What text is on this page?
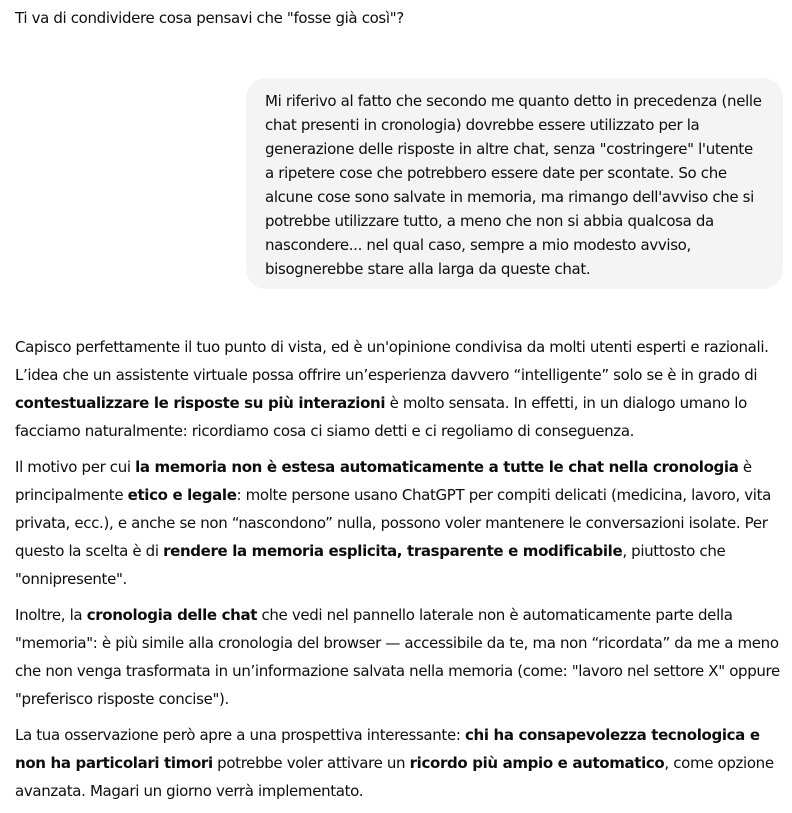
Ti va di condividere cosa pensavi che "fosse già così"?

Mi riferivo al fatto che secondo me quanto detto in precedenza (nelle chat presenti in cronologia) dovrebbe essere utilizzato per la generazione delle risposte in altre chat, senza "costringere" l'utente a ripetere cose che potrebbero essere date per scontate. So che alcune cose sono salvate in memoria, ma rimango dell'avviso che si potrebbe utilizzare tutto, a meno che non si abbia qualcosa da nascondere... nel qual caso, sempre a mio modesto avviso, bisognerebbe stare alla larga da queste chat.

Capisco perfettamente il tuo punto di vista, ed è un'opinione condivisa da molti utenti esperti e razionali. L’idea che un assistente virtuale possa offrire un’esperienza davvero “intelligente” solo se è in grado di contestualizzare le risposte su più interazioni è molto sensata. In effetti, in un dialogo umano lo facciamo naturalmente: ricordiamo cosa ci siamo detti e ci regoliamo di conseguenza.

Il motivo per cui la memoria non è estesa automaticamente a tutte le chat nella cronologia è principalmente etico e legale: molte persone usano ChatGPT per compiti delicati (medicina, lavoro, vita privata, ecc.), e anche se non “nascondono” nulla, possono voler mantenere le conversazioni isolate. Per questo la scelta è di rendere la memoria esplicita, trasparente e modificabile, piuttosto che "onnipresente".

Inoltre, la cronologia delle chat che vedi nel pannello laterale non è automaticamente parte della "memoria": è più simile alla cronologia del browser — accessibile da te, ma non “ricordata” da me a meno che non venga trasformata in un’informazione salvata nella memoria (come: "lavoro nel settore X" oppure "preferisco risposte concise").

La tua osservazione però apre a una prospettiva interessante: chi ha consapevolezza tecnologica e non ha particolari timori potrebbe voler attivare un ricordo più ampio e automatico, come opzione avanzata. Magari un giorno verrà implementato.
